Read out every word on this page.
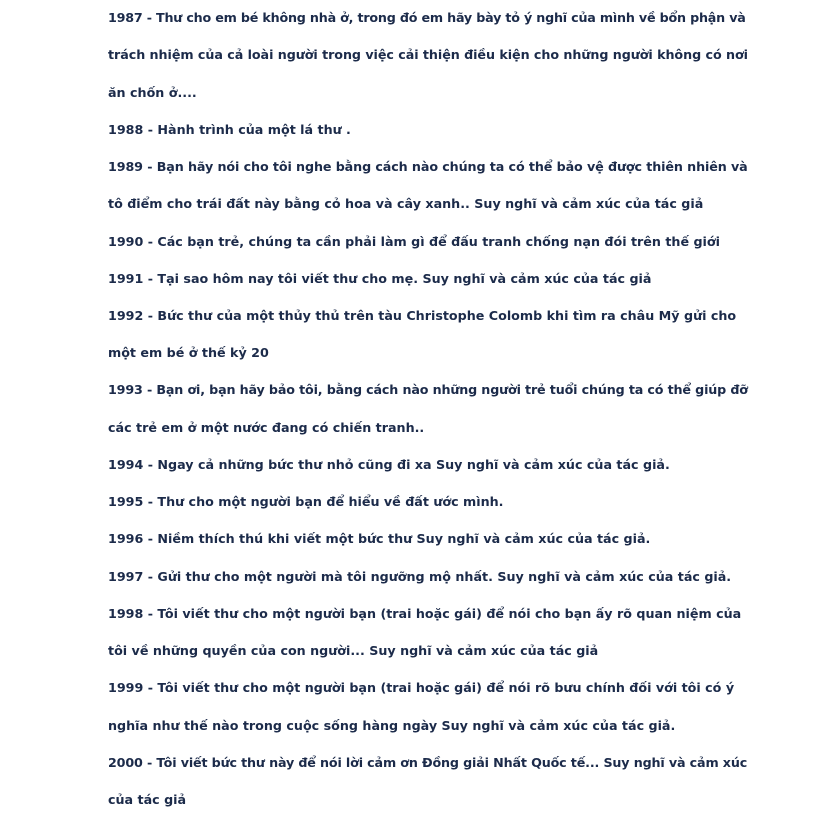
1987 - Thư cho em bé không nhà ở, trong đó em hãy bày tỏ ý nghĩ của mình về bổn phận và
trách nhiệm của cả loài người trong việc cải thiện điều kiện cho những người không có nơi
ăn chốn ở....
1988 - Hành trình của một lá thư .
1989 - Bạn hãy nói cho tôi nghe bằng cách nào chúng ta có thể bảo vệ được thiên nhiên và
tô điểm cho trái đất này bằng cỏ hoa và cây xanh.. Suy nghĩ và cảm xúc của tác giả
1990 - Các bạn trẻ, chúng ta cần phải làm gì để đấu tranh chống nạn đói trên thế giới
1991 - Tại sao hôm nay tôi viết thư cho mẹ. Suy nghĩ và cảm xúc của tác giả
1992 - Bức thư của một thủy thủ trên tàu Christophe Colomb khi tìm ra châu Mỹ gửi cho
một em bé ở thế kỷ 20
1993 - Bạn ơi, bạn hãy bảo tôi, bằng cách nào những người trẻ tuổi chúng ta có thể giúp đỡ
các trẻ em ở một nước đang có chiến tranh..
1994 - Ngay cả những bức thư nhỏ cũng đi xa Suy nghĩ và cảm xúc của tác giả.
1995 - Thư cho một người bạn để hiểu về đất ước mình.
1996 - Niềm thích thú khi viết một bức thư Suy nghĩ và cảm xúc của tác giả.
1997 - Gửi thư cho một người mà tôi ngưỡng mộ nhất. Suy nghĩ và cảm xúc của tác giả.
1998 - Tôi viết thư cho một người bạn (trai hoặc gái) để nói cho bạn ấy rõ quan niệm của
tôi về những quyền của con người... Suy nghĩ và cảm xúc của tác giả
1999 - Tôi viết thư cho một người bạn (trai hoặc gái) để nói rõ bưu chính đối với tôi có ý
nghĩa như thế nào trong cuộc sống hàng ngày Suy nghĩ và cảm xúc của tác giả.
2000 - Tôi viết bức thư này để nói lời cảm ơn Đồng giải Nhất Quốc tế... Suy nghĩ và cảm xúc
của tác giả
